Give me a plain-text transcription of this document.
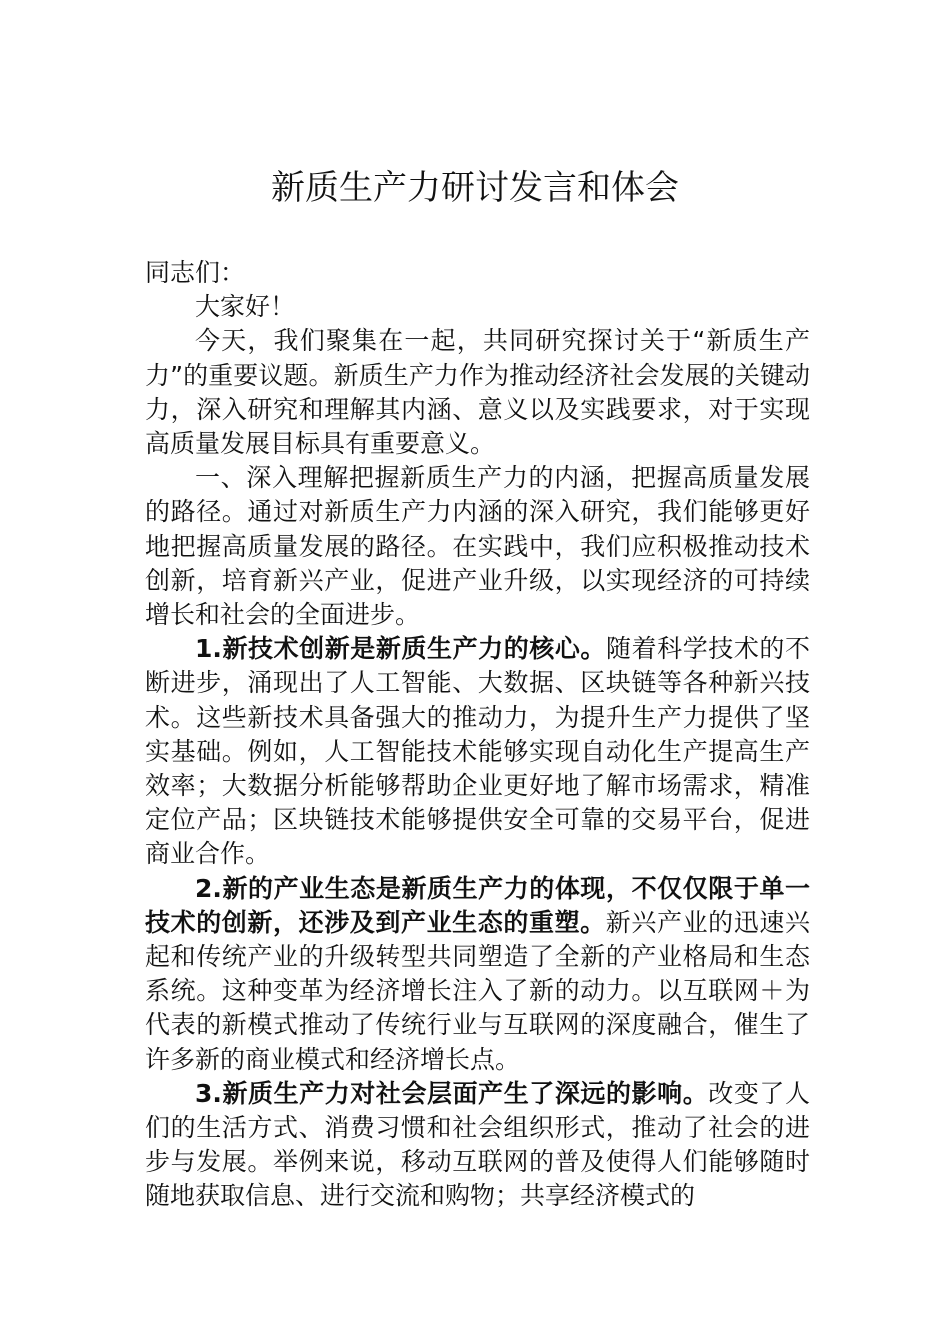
新质生产力研讨发言和体会

同志们：

大家好！

今天，我们聚集在一起，共同研究探讨关于“新质生产力”的重要议题。新质生产力作为推动经济社会发展的关键动力，深入研究和理解其内涵、意义以及实践要求，对于实现高质量发展目标具有重要意义。

一、深入理解把握新质生产力的内涵，把握高质量发展的路径。通过对新质生产力内涵的深入研究，我们能够更好地把握高质量发展的路径。在实践中，我们应积极推动技术创新，培育新兴产业，促进产业升级，以实现经济的可持续增长和社会的全面进步。

1.新技术创新是新质生产力的核心。随着科学技术的不断进步，涌现出了人工智能、大数据、区块链等各种新兴技术。这些新技术具备强大的推动力，为提升生产力提供了坚实基础。例如，人工智能技术能够实现自动化生产提高生产效率；大数据分析能够帮助企业更好地了解市场需求，精准定位产品；区块链技术能够提供安全可靠的交易平台，促进商业合作。

2.新的产业生态是新质生产力的体现，不仅仅限于单一技术的创新，还涉及到产业生态的重塑。新兴产业的迅速兴起和传统产业的升级转型共同塑造了全新的产业格局和生态系统。这种变革为经济增长注入了新的动力。以互联网＋为代表的新模式推动了传统行业与互联网的深度融合，催生了许多新的商业模式和经济增长点。

3.新质生产力对社会层面产生了深远的影响。改变了人们的生活方式、消费习惯和社会组织形式，推动了社会的进步与发展。举例来说，移动互联网的普及使得人们能够随时随地获取信息、进行交流和购物；共享经济模式的
